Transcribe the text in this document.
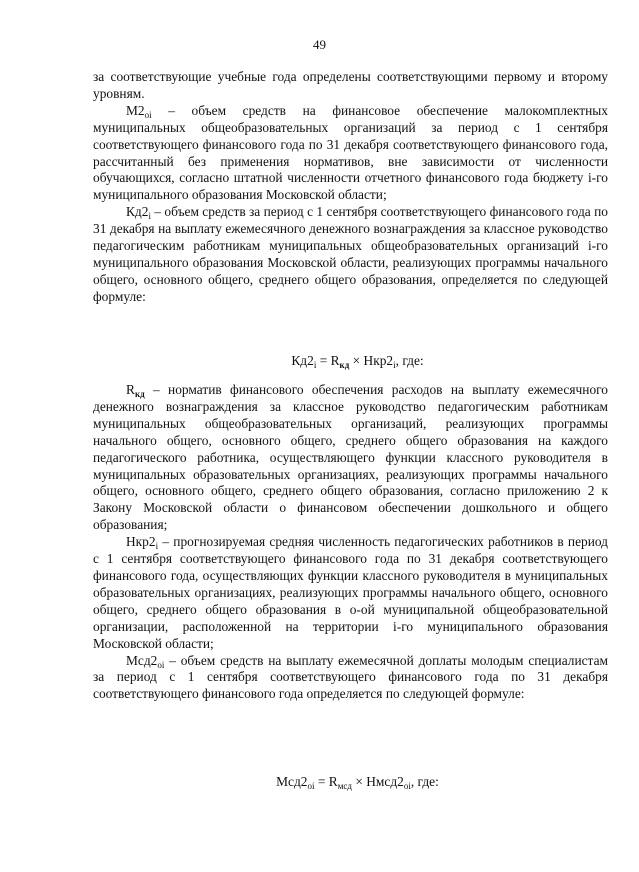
49

за соответствующие учебные года определены соответствующими первому и второму уровням.

$М2_{oi}$ – объем средств на финансовое обеспечение малокомплектных муниципальных общеобразовательных организаций за период с 1 сентября соответствующего финансового года по 31 декабря соответствующего финансового года, рассчитанный без применения нормативов, вне зависимости от численности обучающихся, согласно штатной численности отчетного финансового года бюджету i-го муниципального образования Московской области;

$Кд2_i$ – объем средств за период с 1 сентября соответствующего финансового года по 31 декабря на выплату ежемесячного денежного вознаграждения за классное руководство педагогическим работникам муниципальных общеобразовательных организаций i-го муниципального образования Московской области, реализующих программы начального общего, основного общего, среднего общего образования, определяется по следующей формуле:

$Кд2_i = R_{кд} \times Нкр2_i$, где:

$R_{кд}$ – норматив финансового обеспечения расходов на выплату ежемесячного денежного вознаграждения за классное руководство педагогическим работникам муниципальных общеобразовательных организаций, реализующих программы начального общего, основного общего, среднего общего образования на каждого педагогического работника, осуществляющего функции классного руководителя в муниципальных образовательных организациях, реализующих программы начального общего, основного общего, среднего общего образования, согласно приложению 2 к Закону Московской области о финансовом обеспечении дошкольного и общего образования;

$Нкр2_i$ – прогнозируемая средняя численность педагогических работников в период с 1 сентября соответствующего финансового года по 31 декабря соответствующего финансового года, осуществляющих функции классного руководителя в муниципальных образовательных организациях, реализующих программы начального общего, основного общего, среднего общего образования в о-ой муниципальной общеобразовательной организации, расположенной на территории i-го муниципального образования Московской области;

$Мсд2_{oi}$ – объем средств на выплату ежемесячной доплаты молодым специалистам за период с 1 сентября соответствующего финансового года по 31 декабря соответствующего финансового года определяется по следующей формуле:

$Мсд2_{oi} = R_{мсд}$ × $Нмсд2_{oi}$, где:
